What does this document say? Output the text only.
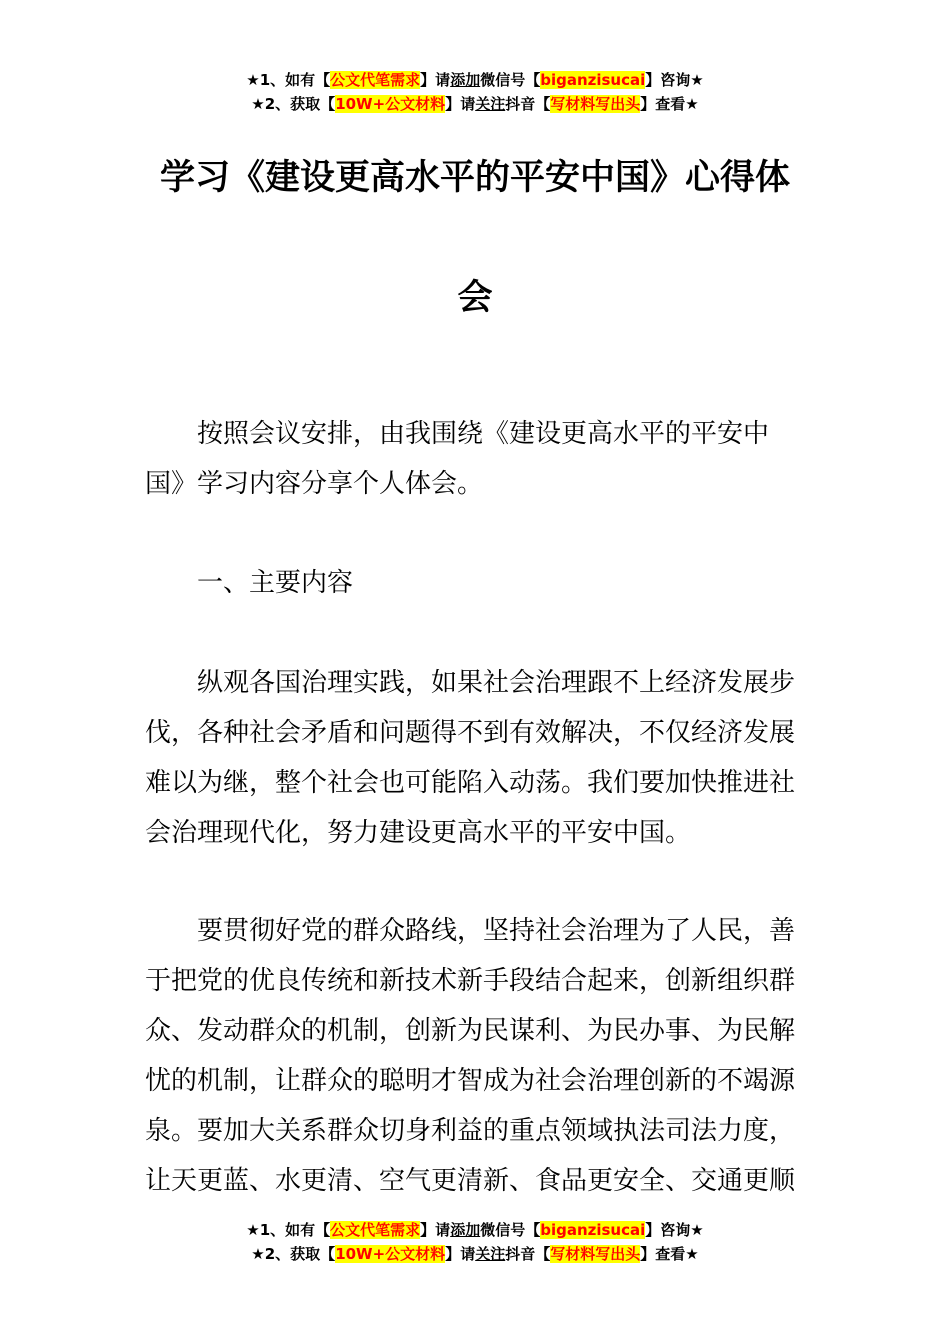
★1、如有【公文代笔需求】请添加微信号【biganzisucai】咨询★
★2、获取【10W+公文材料】请关注抖音【写材料写出头】查看★
学习《建设更高水平的平安中国》心得体
会

按照会议安排，由我围绕《建设更高水平的平安中
国》学习内容分享个人体会。

一、主要内容

纵观各国治理实践，如果社会治理跟不上经济发展步
伐，各种社会矛盾和问题得不到有效解决，不仅经济发展
难以为继，整个社会也可能陷入动荡。我们要加快推进社
会治理现代化，努力建设更高水平的平安中国。

要贯彻好党的群众路线，坚持社会治理为了人民，善
于把党的优良传统和新技术新手段结合起来，创新组织群
众、发动群众的机制，创新为民谋利、为民办事、为民解
忧的机制，让群众的聪明才智成为社会治理创新的不竭源
泉。要加大关系群众切身利益的重点领域执法司法力度，
让天更蓝、水更清、空气更清新、食品更安全、交通更顺

★1、如有【公文代笔需求】请添加微信号【biganzisucai】咨询★
★2、获取【10W+公文材料】请关注抖音【写材料写出头】查看★
